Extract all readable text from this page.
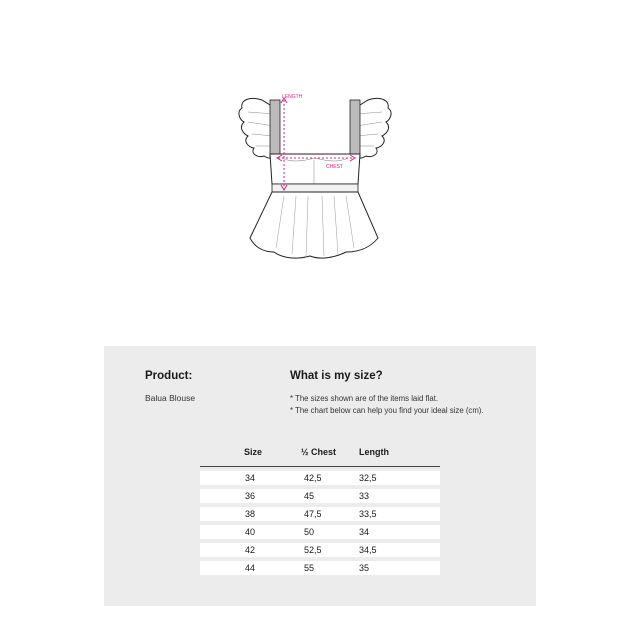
LENGTH
CHEST
Product:
Balua Blouse
What is my size?
* The sizes shown are of the items laid flat.
* The chart below can help you find your ideal size (cm).
Size	½ Chest	Length
34	42,5	32,5
36	45	33
38	47,5	33,5
40	50	34
42	52,5	34,5
44	55	35
